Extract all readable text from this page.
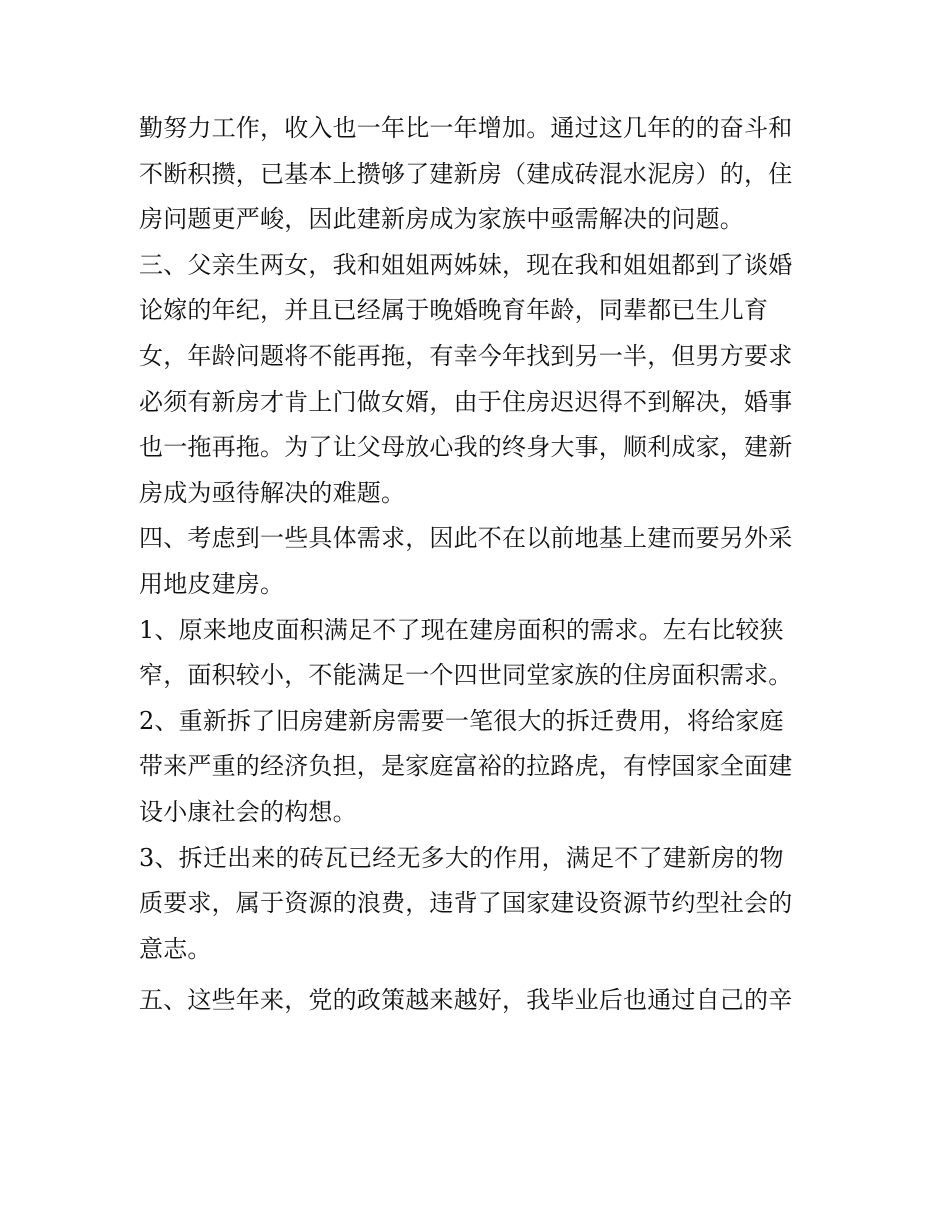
勤努力工作，收入也一年比一年增加。通过这几年的的奋斗和
不断积攒，已基本上攒够了建新房（建成砖混水泥房）的，住
房问题更严峻，因此建新房成为家族中亟需解决的问题。
三、父亲生两女，我和姐姐两姊妹，现在我和姐姐都到了谈婚
论嫁的年纪，并且已经属于晚婚晚育年龄，同辈都已生儿育
女，年龄问题将不能再拖，有幸今年找到另一半，但男方要求
必须有新房才肯上门做女婿，由于住房迟迟得不到解决，婚事
也一拖再拖。为了让父母放心我的终身大事，顺利成家，建新
房成为亟待解决的难题。
四、考虑到一些具体需求，因此不在以前地基上建而要另外采
用地皮建房。
1、原来地皮面积满足不了现在建房面积的需求。左右比较狭
窄，面积较小，不能满足一个四世同堂家族的住房面积需求。
2、重新拆了旧房建新房需要一笔很大的拆迁费用，将给家庭
带来严重的经济负担，是家庭富裕的拉路虎，有悖国家全面建
设小康社会的构想。
3、拆迁出来的砖瓦已经无多大的作用，满足不了建新房的物
质要求，属于资源的浪费，违背了国家建设资源节约型社会的
意志。
五、这些年来，党的政策越来越好，我毕业后也通过自己的辛
